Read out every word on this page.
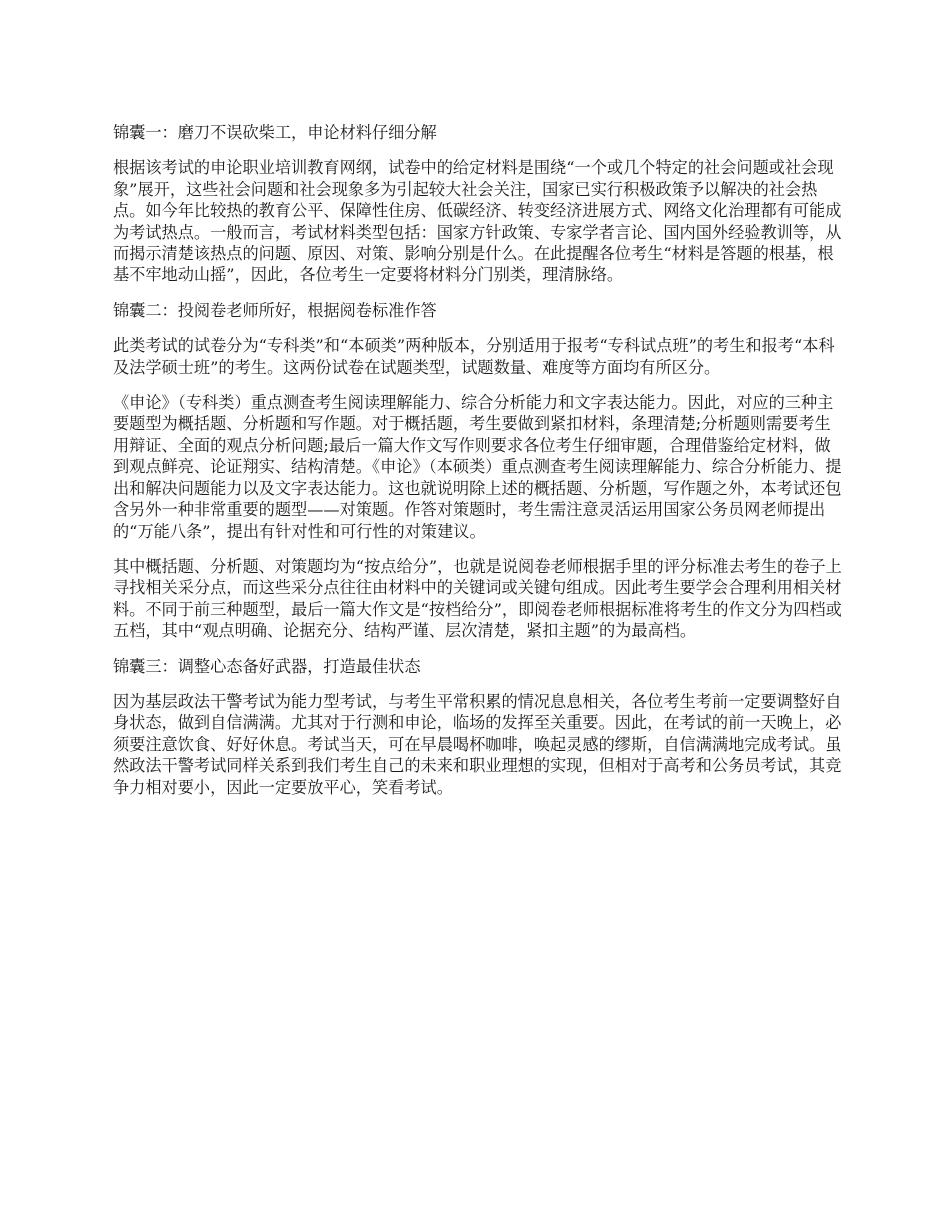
锦囊一：磨刀不误砍柴工，申论材料仔细分解

根据该考试的申论职业培训教育网纲，试卷中的给定材料是围绕“一个或几个特定的社会问题或社会现象”展开，这些社会问题和社会现象多为引起较大社会关注，国家已实行积极政策予以解决的社会热点。如今年比较热的教育公平、保障性住房、低碳经济、转变经济进展方式、网络文化治理都有可能成为考试热点。一般而言，考试材料类型包括：国家方针政策、专家学者言论、国内国外经验教训等，从而揭示清楚该热点的问题、原因、对策、影响分别是什么。在此提醒各位考生“材料是答题的根基，根基不牢地动山摇”，因此，各位考生一定要将材料分门别类，理清脉络。

锦囊二：投阅卷老师所好，根据阅卷标准作答

此类考试的试卷分为“专科类”和“本硕类”两种版本，分别适用于报考“专科试点班”的考生和报考“本科及法学硕士班”的考生。这两份试卷在试题类型，试题数量、难度等方面均有所区分。

《申论》（专科类）重点测查考生阅读理解能力、综合分析能力和文字表达能力。因此，对应的三种主要题型为概括题、分析题和写作题。对于概括题，考生要做到紧扣材料，条理清楚;分析题则需要考生用辩证、全面的观点分析问题;最后一篇大作文写作则要求各位考生仔细审题，合理借鉴给定材料，做到观点鲜亮、论证翔实、结构清楚。《申论》（本硕类）重点测查考生阅读理解能力、综合分析能力、提出和解决问题能力以及文字表达能力。这也就说明除上述的概括题、分析题，写作题之外，本考试还包含另外一种非常重要的题型——对策题。作答对策题时，考生需注意灵活运用国家公务员网老师提出的“万能八条”，提出有针对性和可行性的对策建议。

其中概括题、分析题、对策题均为“按点给分”，也就是说阅卷老师根据手里的评分标准去考生的卷子上寻找相关采分点，而这些采分点往往由材料中的关键词或关键句组成。因此考生要学会合理利用相关材料。不同于前三种题型，最后一篇大作文是“按档给分”，即阅卷老师根据标准将考生的作文分为四档或五档，其中“观点明确、论据充分、结构严谨、层次清楚，紧扣主题”的为最高档。

锦囊三：调整心态备好武器，打造最佳状态

因为基层政法干警考试为能力型考试，与考生平常积累的情况息息相关，各位考生考前一定要调整好自身状态，做到自信满满。尤其对于行测和申论，临场的发挥至关重要。因此，在考试的前一天晚上，必须要注意饮食、好好休息。考试当天，可在早晨喝杯咖啡，唤起灵感的缪斯，自信满满地完成考试。虽然政法干警考试同样关系到我们考生自己的未来和职业理想的实现，但相对于高考和公务员考试，其竞争力相对要小，因此一定要放平心，笑看考试。
